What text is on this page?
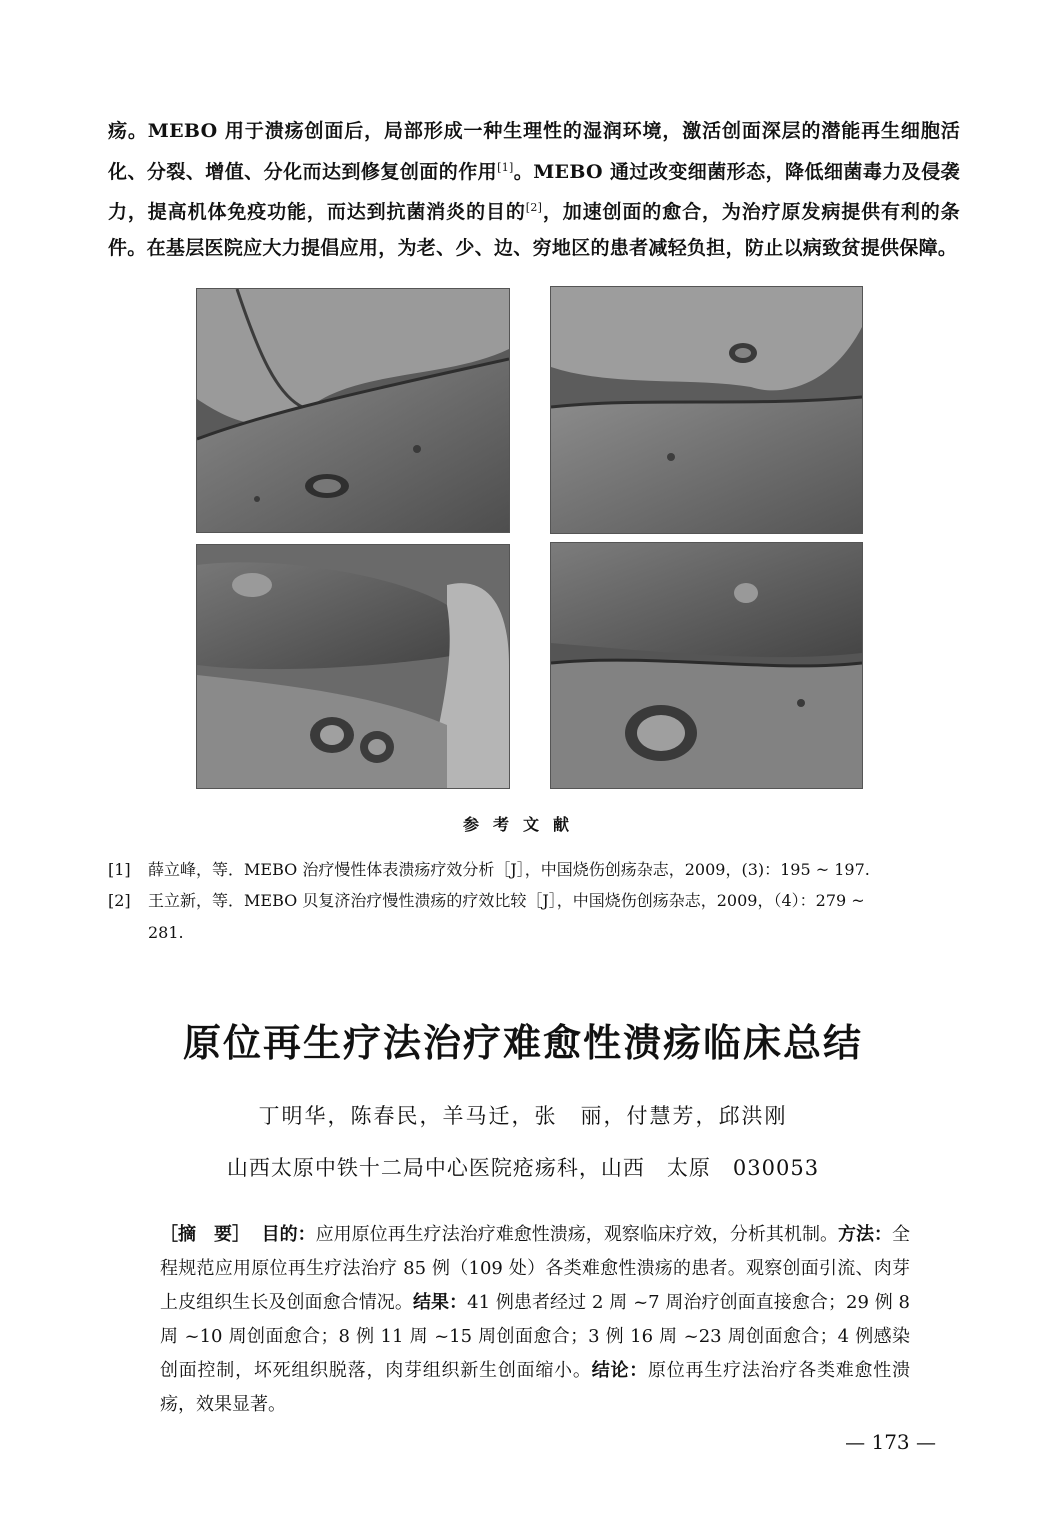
疡。MEBO 用于溃疡创面后，局部形成一种生理性的湿润环境，激活创面深层的潜能再生细胞活化、分裂、增值、分化而达到修复创面的作用[1]。MEBO 通过改变细菌形态，降低细菌毒力及侵袭力，提高机体免疫功能，而达到抗菌消炎的目的[2]，加速创面的愈合，为治疗原发病提供有利的条件。在基层医院应大力提倡应用，为老、少、边、穷地区的患者减轻负担，防止以病致贫提供保障。

参考文献
[1] 薛立峰，等．MEBO 治疗慢性体表溃疡疗效分析［J］，中国烧伤创疡杂志，2009，(3)：195 ~ 197.
[2] 王立新，等．MEBO 贝复济治疗慢性溃疡的疗效比较［J］，中国烧伤创疡杂志，2009，（4）：279 ~
281.
原位再生疗法治疗难愈性溃疡临床总结
丁明华，陈春民，羊马迁，张　丽，付慧芳，邱洪刚
山西太原中铁十二局中心医院疮疡科，山西　太原　030053
［摘　要］ 目的：应用原位再生疗法治疗难愈性溃疡，观察临床疗效，分析其机制。方法：全程规范应用原位再生疗法治疗 85 例（109 处）各类难愈性溃疡的患者。观察创面引流、肉芽上皮组织生长及创面愈合情况。结果：41 例患者经过 2 周 ~7 周治疗创面直接愈合；29 例 8 周 ~10 周创面愈合；8 例 11 周 ~15 周创面愈合；3 例 16 周 ~23 周创面愈合；4 例感染创面控制，坏死组织脱落，肉芽组织新生创面缩小。结论：原位再生疗法治疗各类难愈性溃疡，效果显著。
— 173 —
